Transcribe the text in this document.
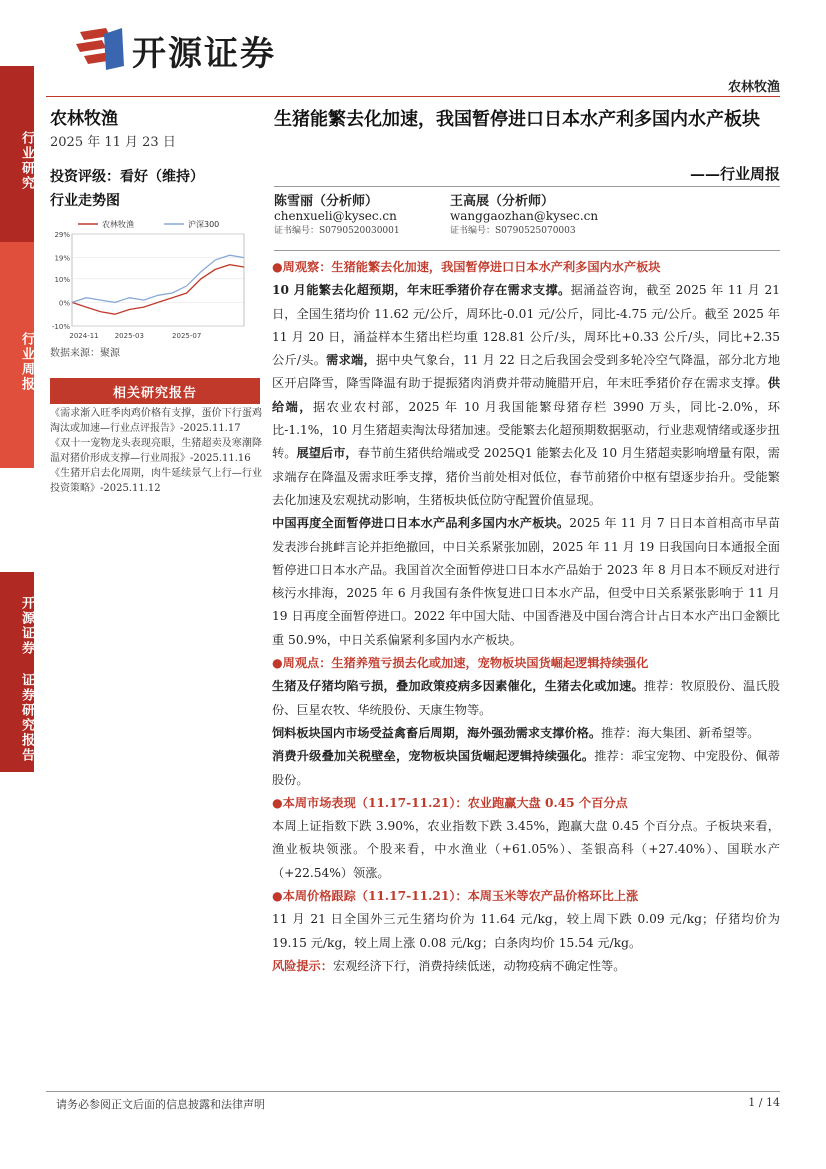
开源证券
农林牧渔
行业研究
行业周报
开源证券 证券研究报告
农林牧渔
2025 年 11 月 23 日
投资评级：看好（维持）
行业走势图
29%
19%
10%
0%
-10%
2024-11 2025-03	2025-07
农林牧渔	沪深300
数据来源：聚源
相关研究报告
《需求渐入旺季肉鸡价格有支撑，蛋价下行蛋鸡淘汰或加速—行业点评报告》-2025.11.17
《双十一宠物龙头表现亮眼，生猪超卖及寒潮降温对猪价形成支撑—行业周报》-2025.11.16
《生猪开启去化周期，肉牛延续景气上行—行业投资策略》-2025.11.12
生猪能繁去化加速，我国暂停进口日本水产利多国内水产板块
——行业周报
陈雪丽（分析师）
chenxueli@kysec.cn
证书编号：S0790520030001
王高展（分析师）
wanggaozhan@kysec.cn
证书编号：S0790525070003

● 周观察：生猪能繁去化加速，我国暂停进口日本水产利多国内水产板块

10 月能繁去化超预期，年末旺季猪价存在需求支撑。据涌益咨询，截至 2025 年 11 月 21 日，全国生猪均价 11.62 元/公斤，周环比-0.01 元/公斤，同比-4.75 元/公斤。截至 2025 年 11 月 20 日，涌益样本生猪出栏均重 128.81 公斤/头，周环比+0.33 公斤/头，同比+2.35 公斤/头。需求端，据中央气象台，11 月 22 日之后我国会受到多轮冷空气降温，部分北方地区开启降雪，降雪降温有助于提振猪肉消费并带动腌腊开启，年末旺季猪价存在需求支撑。供给端，据农业农村部，2025 年 10 月我国能繁母猪存栏 3990 万头，同比-2.0%，环比-1.1%，10 月生猪超卖淘汰母猪加速。受能繁去化超预期数据驱动，行业悲观情绪或逐步扭转。展望后市，春节前生猪供给端或受 2025Q1 能繁去化及 10 月生猪超卖影响增量有限，需求端存在降温及需求旺季支撑，猪价当前处相对低位，春节前猪价中枢有望逐步抬升。受能繁去化加速及宏观扰动影响，生猪板块低位防守配置价值显现。

中国再度全面暂停进口日本水产品利多国内水产板块。2025 年 11 月 7 日日本首相高市早苗发表涉台挑衅言论并拒绝撤回，中日关系紧张加剧，2025 年 11 月 19 日我国向日本通报全面暂停进口日本水产品。我国首次全面暂停进口日本水产品始于 2023 年 8 月日本不顾反对进行核污水排海，2025 年 6 月我国有条件恢复进口日本水产品，但受中日关系紧张影响于 11 月 19 日再度全面暂停进口。2022 年中国大陆、中国香港及中国台湾合计占日本水产出口金额比重 50.9%，中日关系偏紧利多国内水产板块。

● 周观点：生猪养殖亏损去化或加速，宠物板块国货崛起逻辑持续强化

生猪及仔猪均陷亏损，叠加政策疫病多因素催化，生猪去化或加速。推荐：牧原股份、温氏股份、巨星农牧、华统股份、天康生物等。

饲料板块国内市场受益禽畜后周期，海外强劲需求支撑价格。推荐：海大集团、新希望等。

消费升级叠加关税壁垒，宠物板块国货崛起逻辑持续强化。推荐：乖宝宠物、中宠股份、佩蒂股份。

● 本周市场表现（11.17-11.21）：农业跑赢大盘 0.45 个百分点

本周上证指数下跌 3.90%，农业指数下跌 3.45%，跑赢大盘 0.45 个百分点。子板块来看，渔业板块领涨。个股来看，中水渔业（+61.05%）、荃银高科（+27.40%）、国联水产（+22.54%）领涨。

● 本周价格跟踪（11.17-11.21）：本周玉米等农产品价格环比上涨

11 月 21 日全国外三元生猪均价为 11.64 元/kg，较上周下跌 0.09 元/kg；仔猪均价为 19.15 元/kg，较上周上涨 0.08 元/kg；白条肉均价 15.54 元/kg。

风险提示：宏观经济下行，消费持续低迷，动物疫病不确定性等。

请务必参阅正文后面的信息披露和法律声明	1 / 14
